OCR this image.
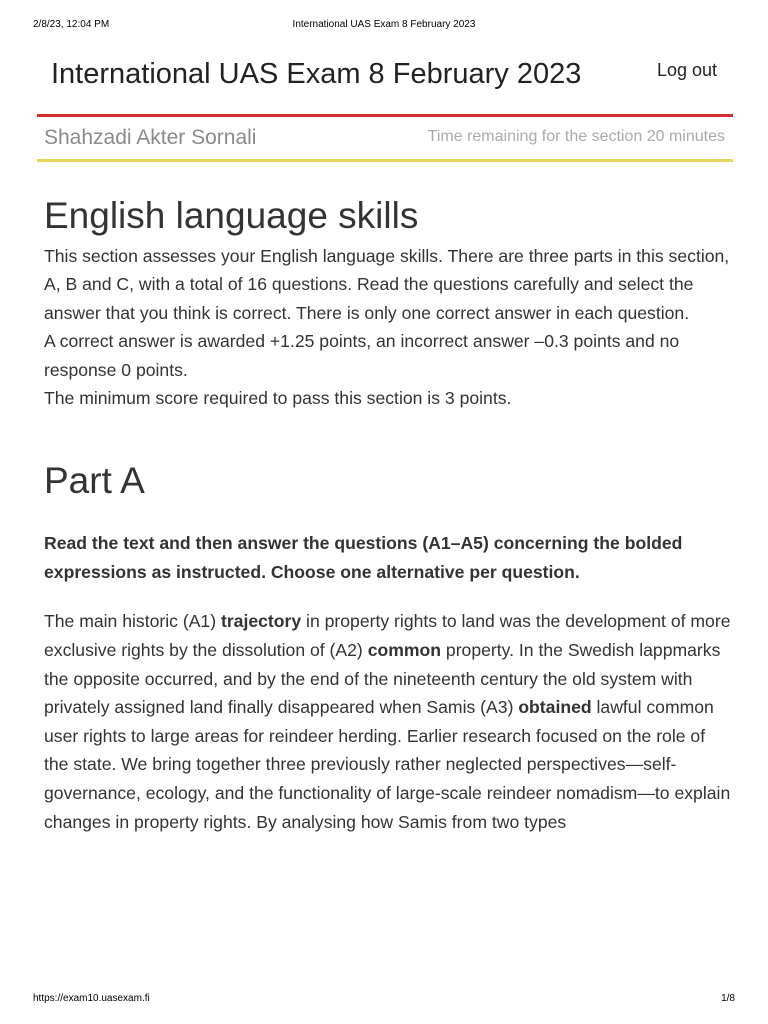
2/8/23, 12:04 PM	International UAS Exam 8 February 2023
International UAS Exam 8 February 2023	Log out
Shahzadi Akter Sornali	Time remaining for the section 20 minutes
English language skills

This section assesses your English language skills. There are three parts in this section, A, B and C, with a total of 16 questions. Read the questions carefully and select the answer that you think is correct. There is only one correct answer in each question.

A correct answer is awarded +1.25 points, an incorrect answer –0.3 points and no response 0 points.

The minimum score required to pass this section is 3 points.

Part A

Read the text and then answer the questions (A1–A5) concerning the bolded expressions as instructed. Choose one alternative per question.

The main historic (A1) trajectory in property rights to land was the development of more exclusive rights by the dissolution of (A2) common property. In the Swedish lappmarks the opposite occurred, and by the end of the nineteenth century the old system with privately assigned land finally disappeared when Samis (A3) obtained lawful common user rights to large areas for reindeer herding. Earlier research focused on the role of the state. We bring together three previously rather neglected perspectives—self-governance, ecology, and the functionality of large-scale reindeer nomadism—to explain changes in property rights. By analysing how Samis from two types

https://exam10.uasexam.fi	1/8
